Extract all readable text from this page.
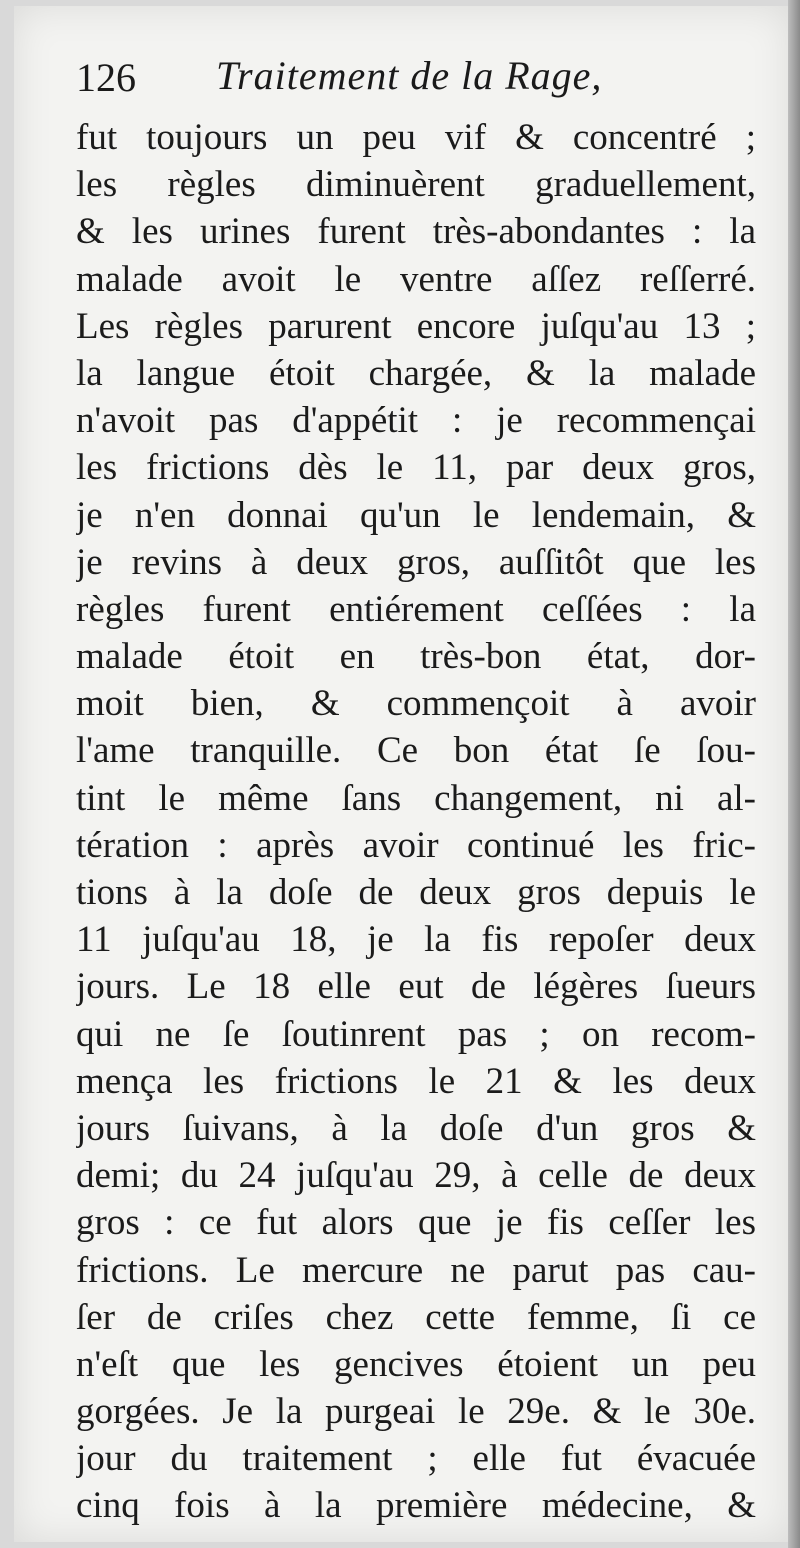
126 Traitement de la Rage,
fut toujours un peu vif & concentré ;
les règles diminuèrent graduellement,
& les urines furent très-abondantes : la
malade avoit le ventre aſſez reſſerré.
Les règles parurent encore juſqu'au 13 ;
la langue étoit chargée, & la malade
n'avoit pas d'appétit : je recommençai
les frictions dès le 11, par deux gros,
je n'en donnai qu'un le lendemain, &
je revins à deux gros, auſſitôt que les
règles furent entiérement ceſſées : la
malade étoit en très-bon état, dor-
moit bien, & commençoit à avoir
l'ame tranquille. Ce bon état ſe ſou-
tint le même ſans changement, ni al-
tération : après avoir continué les fric-
tions à la doſe de deux gros depuis le
11 juſqu'au 18, je la fis repoſer deux
jours. Le 18 elle eut de légères ſueurs
qui ne ſe ſoutinrent pas ; on recom-
mença les frictions le 21 & les deux
jours ſuivans, à la doſe d'un gros &
demi; du 24 juſqu'au 29, à celle de deux
gros : ce fut alors que je fis ceſſer les
frictions. Le mercure ne parut pas cau-
ſer de criſes chez cette femme, ſi ce
n'eſt que les gencives étoient un peu
gorgées. Je la purgeai le 29e. & le 30e.
jour du traitement ; elle fut évacuée
cinq fois à la première médecine, &
